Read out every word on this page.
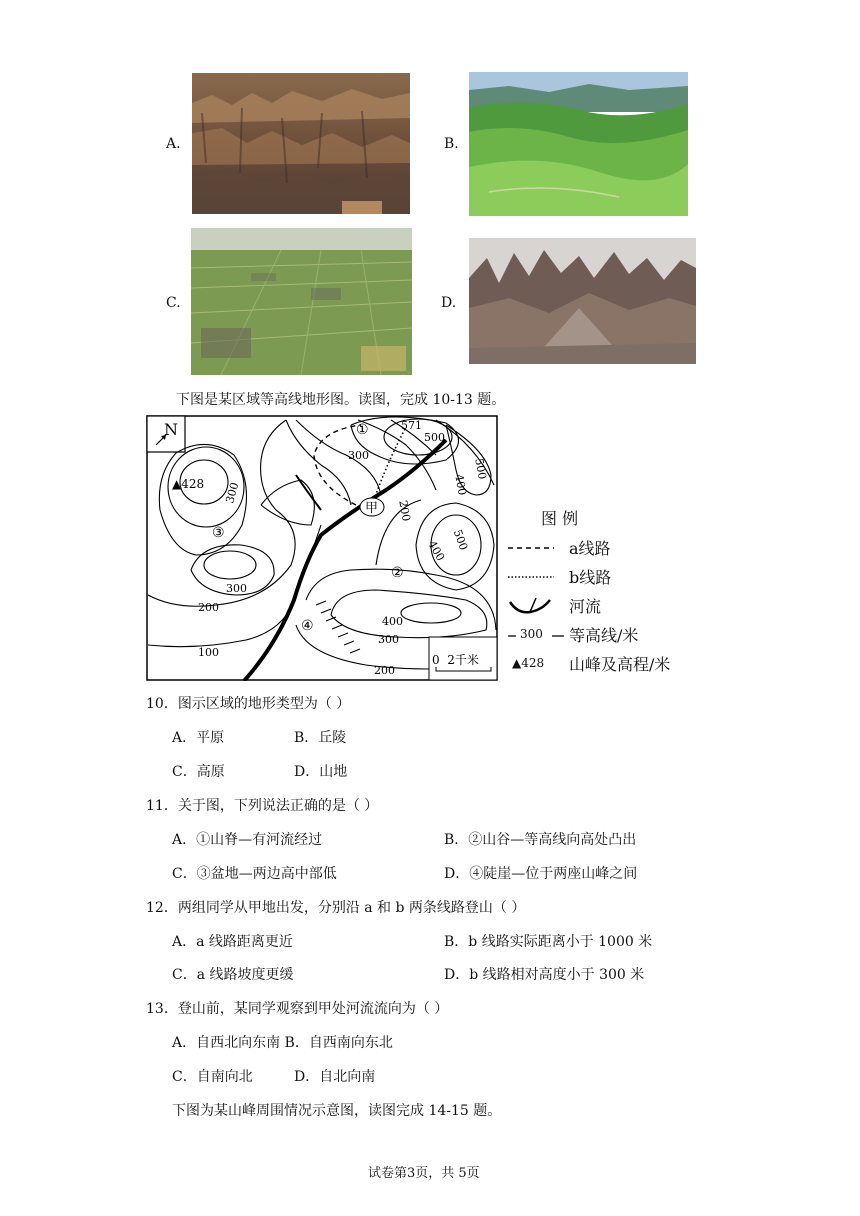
A.	B.
C.	D.
下图是某区域等高线地形图。读图，完成 10-13 题。
N
▲428
571
500
300
500
400
300
200
400 500
300
200
100
400
300
200
①
②
③
④
甲
0  2千米
图 例
a线路
b线路
河流
300 等高线/米
▲428 山峰及高程/米
10．图示区域的地形类型为（ ）
A．平原	B．丘陵
C．高原	D．山地
11．关于图，下列说法正确的是（ ）
A．①山脊—有河流经过	B．②山谷—等高线向高处凸出
C．③盆地—两边高中部低	D．④陡崖—位于两座山峰之间
12．两组同学从甲地出发，分别沿 a 和 b 两条线路登山（ ）
A．a 线路距离更近	B．b 线路实际距离小于 1000 米
C．a 线路坡度更缓	D．b 线路相对高度小于 300 米
13．登山前，某同学观察到甲处河流流向为（ ）
A．自西北向东南 B．自西南向东北
C．自南向北	D．自北向南
下图为某山峰周围情况示意图，读图完成 14-15 题。
试卷第3页，共 5页
